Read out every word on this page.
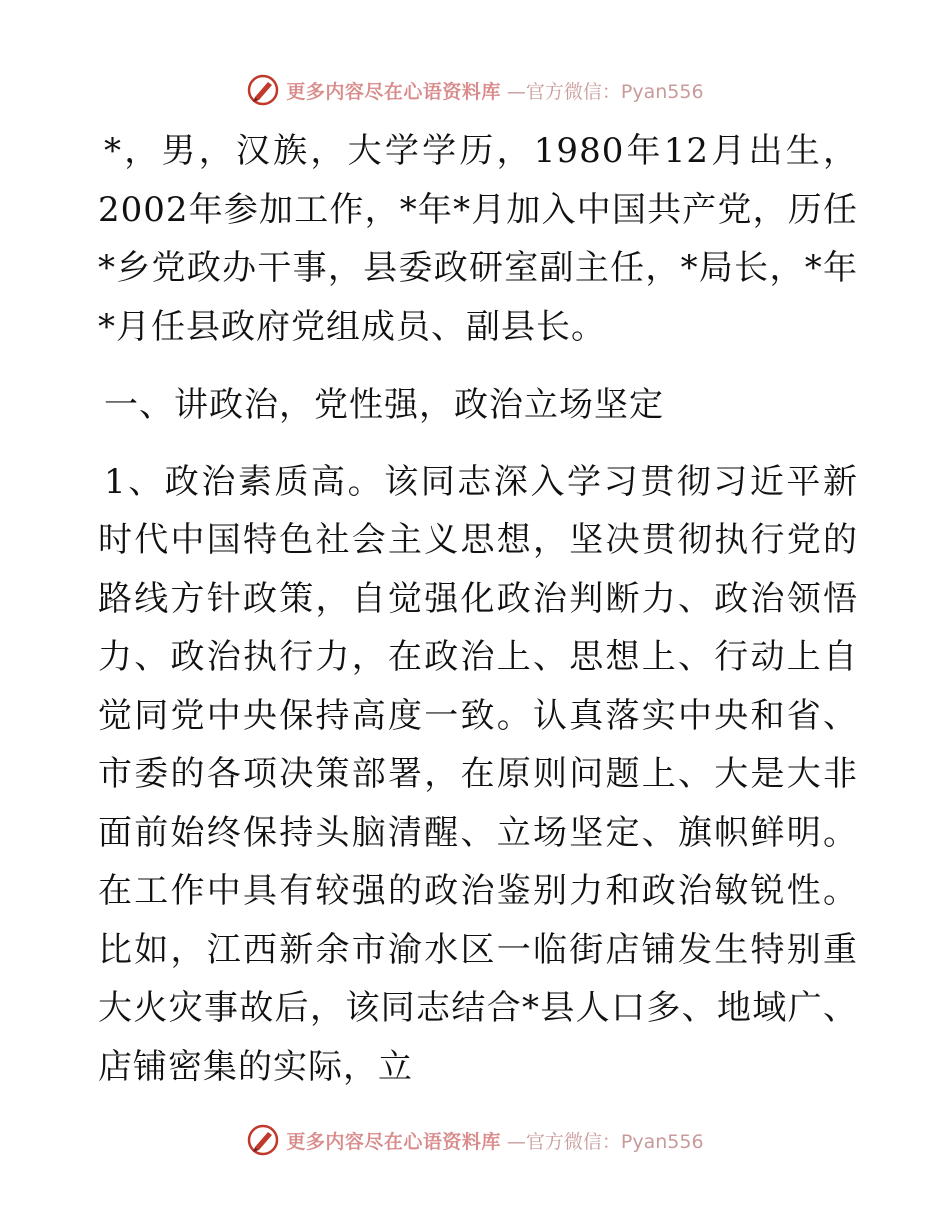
更多内容尽在心语资料库 —官方微信：Pyan556

*，男，汉族，大学学历，1980年12月出生，2002年参加工作，*年*月加入中国共产党，历任*乡党政办干事，县委政研室副主任，*局长，*年*月任县政府党组成员、副县长。

一、讲政治，党性强，政治立场坚定

1、政治素质高。该同志深入学习贯彻习近平新时代中国特色社会主义思想，坚决贯彻执行党的路线方针政策，自觉强化政治判断力、政治领悟力、政治执行力，在政治上、思想上、行动上自觉同党中央保持高度一致。认真落实中央和省、市委的各项决策部署，在原则问题上、大是大非面前始终保持头脑清醒、立场坚定、旗帜鲜明。在工作中具有较强的政治鉴别力和政治敏锐性。比如，江西新余市渝水区一临街店铺发生特别重大火灾事故后，该同志结合*县人口多、地域广、店铺密集的实际，立

更多内容尽在心语资料库 —官方微信：Pyan556
